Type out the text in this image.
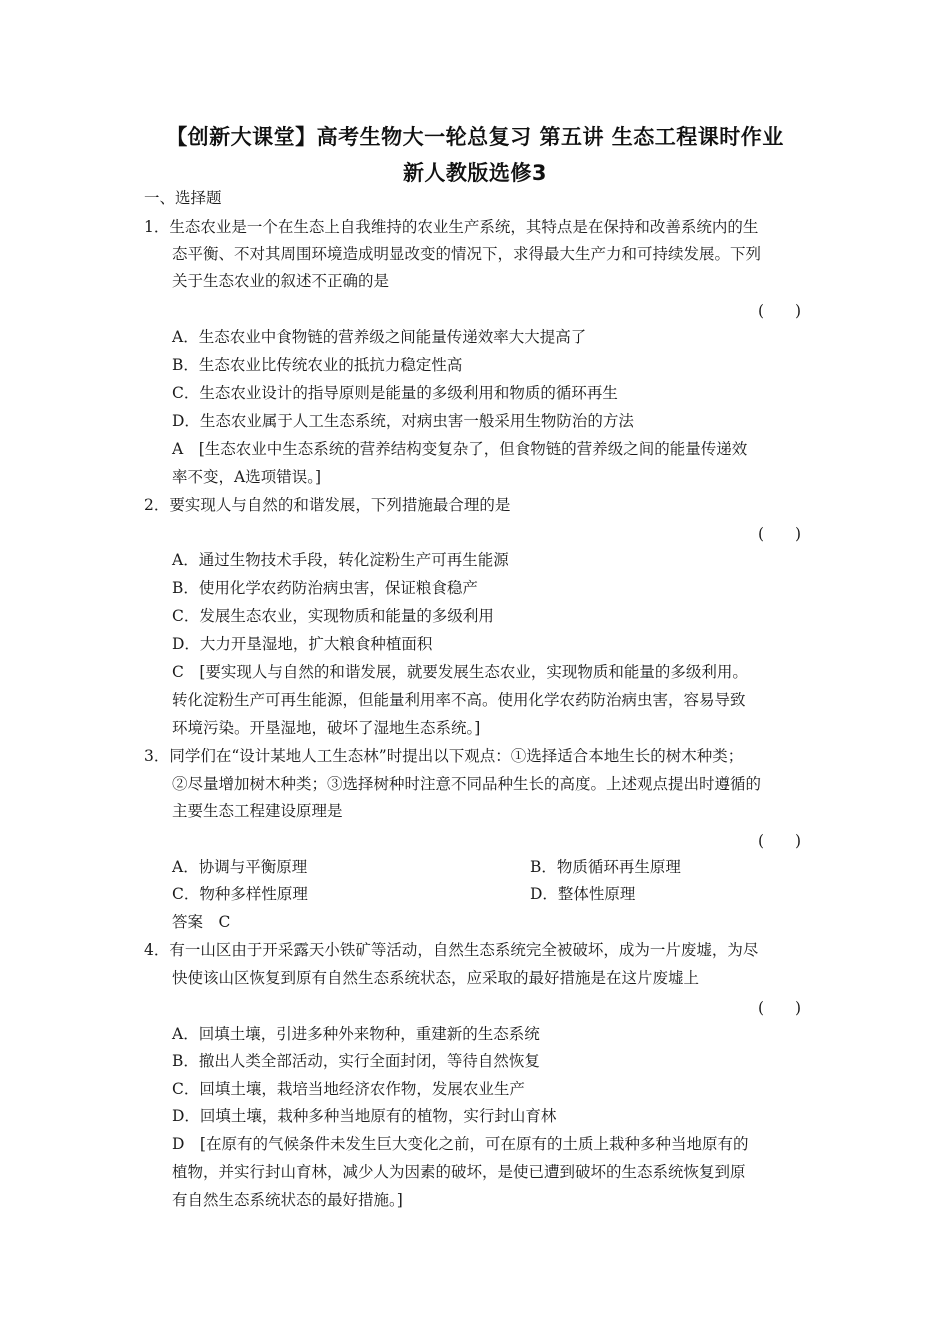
【创新大课堂】高考生物大一轮总复习 第五讲 生态工程课时作业
新人教版选修3
一、选择题
1．生态农业是一个在生态上自我维持的农业生产系统，其特点是在保持和改善系统内的生
态平衡、不对其周围环境造成明显改变的情况下，求得最大生产力和可持续发展。下列
关于生态农业的叙述不正确的是
(　　)
A．生态农业中食物链的营养级之间能量传递效率大大提高了
B．生态农业比传统农业的抵抗力稳定性高
C．生态农业设计的指导原则是能量的多级利用和物质的循环再生
D．生态农业属于人工生态系统，对病虫害一般采用生物防治的方法
A　[生态农业中生态系统的营养结构变复杂了，但食物链的营养级之间的能量传递效
率不变，A选项错误。]
2．要实现人与自然的和谐发展，下列措施最合理的是
(　　)
A．通过生物技术手段，转化淀粉生产可再生能源
B．使用化学农药防治病虫害，保证粮食稳产
C．发展生态农业，实现物质和能量的多级利用
D．大力开垦湿地，扩大粮食种植面积
C　[要实现人与自然的和谐发展，就要发展生态农业，实现物质和能量的多级利用。
转化淀粉生产可再生能源，但能量利用率不高。使用化学农药防治病虫害，容易导致
环境污染。开垦湿地，破坏了湿地生态系统。]
3．同学们在“设计某地人工生态林”时提出以下观点：①选择适合本地生长的树木种类；
②尽量增加树木种类；③选择树种时注意不同品种生长的高度。上述观点提出时遵循的
主要生态工程建设原理是
(　　)
A．协调与平衡原理	B．物质循环再生原理
C．物种多样性原理	D．整体性原理
答案　C
4．有一山区由于开采露天小铁矿等活动，自然生态系统完全被破坏，成为一片废墟，为尽
快使该山区恢复到原有自然生态系统状态，应采取的最好措施是在这片废墟上
(　　)
A．回填土壤，引进多种外来物种，重建新的生态系统
B．撤出人类全部活动，实行全面封闭，等待自然恢复
C．回填土壤，栽培当地经济农作物，发展农业生产
D．回填土壤，栽种多种当地原有的植物，实行封山育林
D　[在原有的气候条件未发生巨大变化之前，可在原有的土质上栽种多种当地原有的
植物，并实行封山育林，减少人为因素的破坏，是使已遭到破坏的生态系统恢复到原
有自然生态系统状态的最好措施。]
